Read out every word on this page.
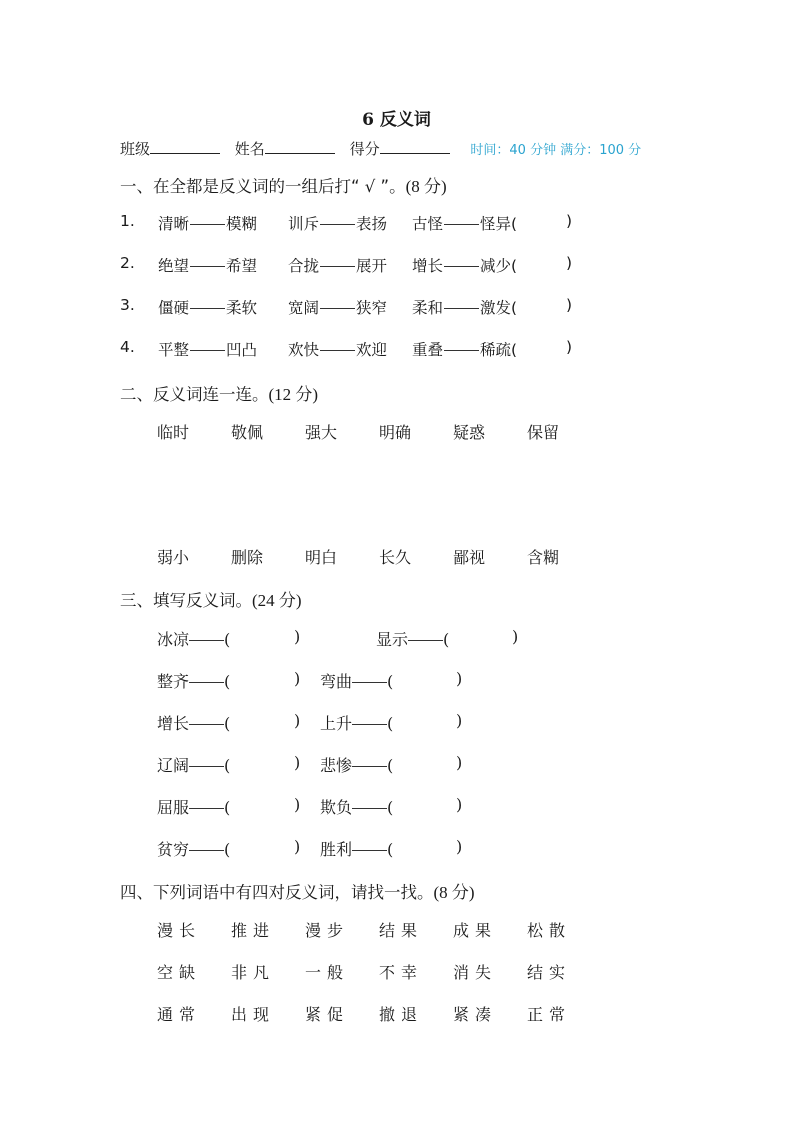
6 反义词
班级	姓名	得分	时间：40 分钟 满分：100 分
一、在全都是反义词的一组后打“ √ ”。(8 分)
1. 清晰 模糊 训斥 表扬 古怪 怪异(	)
2. 绝望 希望 合拢 展开 增长 减少(	)
3. 僵硬 柔软 宽阔 狭窄 柔和 激发(	)
4. 平整 凹凸 欢快 欢迎 重叠 稀疏(	)
二、反义词连一连。(12 分)
临时	敬佩	强大	明确	疑惑	保留
弱小	删除	明白	长久	鄙视	含糊
三、填写反义词。(24 分)
冰凉 (	)	显示 (	)
整齐 (	) 弯曲 (	)
增长 (	) 上升 (	)
辽阔 (	) 悲惨 (	)
屈服 (	) 欺负 (	)
贫穷 (	) 胜利 (	)
四、下列词语中有四对反义词，请找一找。(8 分)
漫长 推进 漫步 结果 成果 松散
空缺 非凡 一般 不幸 消失 结实
通常 出现 紧促 撤退 紧凑 正常
